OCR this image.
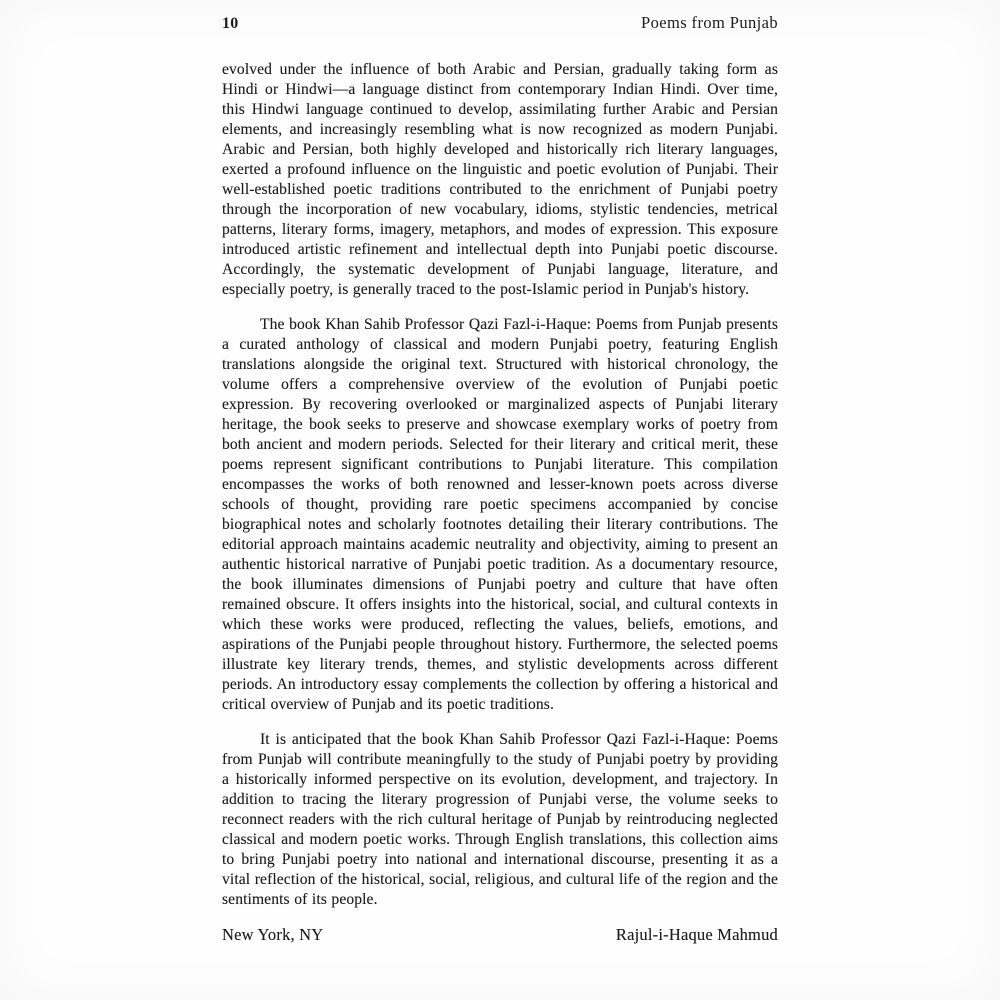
10	Poems from Punjab

evolved under the influence of both Arabic and Persian, gradually taking form as Hindi or Hindwi—a language distinct from contemporary Indian Hindi. Over time, this Hindwi language continued to develop, assimilating further Arabic and Persian elements, and increasingly resembling what is now recognized as modern Punjabi. Arabic and Persian, both highly developed and historically rich literary languages, exerted a profound influence on the linguistic and poetic evolution of Punjabi. Their well-established poetic traditions contributed to the enrichment of Punjabi poetry through the incorporation of new vocabulary, idioms, stylistic tendencies, metrical patterns, literary forms, imagery, metaphors, and modes of expression. This exposure introduced artistic refinement and intellectual depth into Punjabi poetic discourse. Accordingly, the systematic development of Punjabi language, literature, and especially poetry, is generally traced to the post-Islamic period in Punjab's history.

The book Khan Sahib Professor Qazi Fazl-i-Haque: Poems from Punjab presents a curated anthology of classical and modern Punjabi poetry, featuring English translations alongside the original text. Structured with historical chronology, the volume offers a comprehensive overview of the evolution of Punjabi poetic expression. By recovering overlooked or marginalized aspects of Punjabi literary heritage, the book seeks to preserve and showcase exemplary works of poetry from both ancient and modern periods. Selected for their literary and critical merit, these poems represent significant contributions to Punjabi literature. This compilation encompasses the works of both renowned and lesser-known poets across diverse schools of thought, providing rare poetic specimens accompanied by concise biographical notes and scholarly footnotes detailing their literary contributions. The editorial approach maintains academic neutrality and objectivity, aiming to present an authentic historical narrative of Punjabi poetic tradition. As a documentary resource, the book illuminates dimensions of Punjabi poetry and culture that have often remained obscure. It offers insights into the historical, social, and cultural contexts in which these works were produced, reflecting the values, beliefs, emotions, and aspirations of the Punjabi people throughout history. Furthermore, the selected poems illustrate key literary trends, themes, and stylistic developments across different periods. An introductory essay complements the collection by offering a historical and critical overview of Punjab and its poetic traditions.

It is anticipated that the book Khan Sahib Professor Qazi Fazl-i-Haque: Poems from Punjab will contribute meaningfully to the study of Punjabi poetry by providing a historically informed perspective on its evolution, development, and trajectory. In addition to tracing the literary progression of Punjabi verse, the volume seeks to reconnect readers with the rich cultural heritage of Punjab by reintroducing neglected classical and modern poetic works. Through English translations, this collection aims to bring Punjabi poetry into national and international discourse, presenting it as a vital reflection of the historical, social, religious, and cultural life of the region and the sentiments of its people.

New York, NY	Rajul-i-Haque Mahmud
